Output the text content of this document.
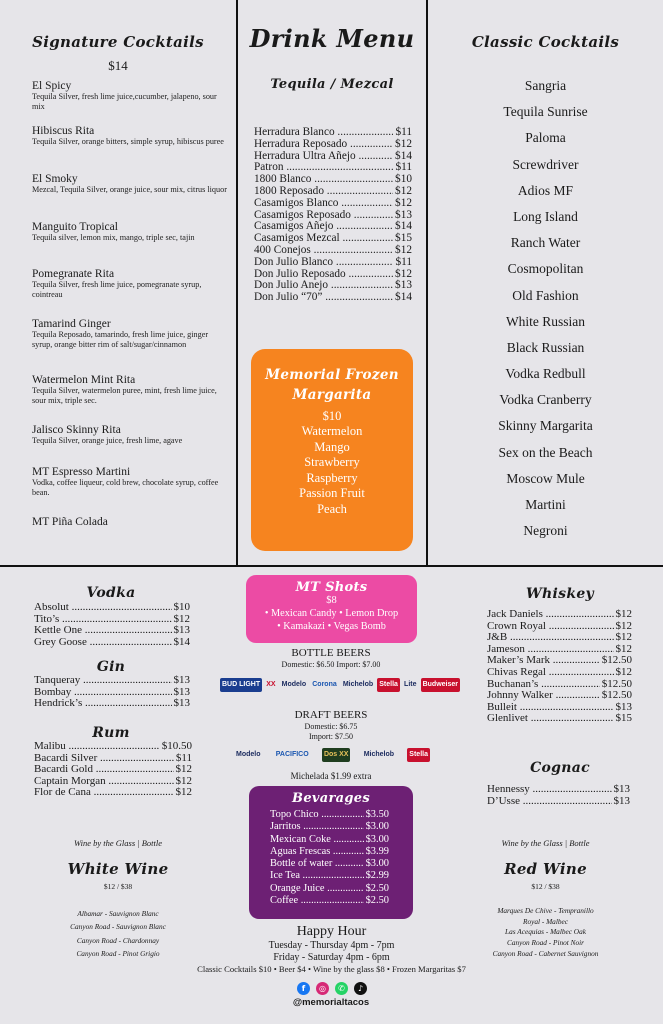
Signature Cocktails
$14
El Spicy
Tequila Silver, fresh lime juice,cucumber, jalapeno, sour mix
Hibiscus Rita
Tequila Silver, orange bitters, simple syrup, hibiscus puree
El Smoky
Mezcal, Tequila Silver, orange juice, sour mix, citrus liquor
Manguito Tropical
Tequila silver, lemon mix, mango, triple sec, tajin
Pomegranate Rita
Tequila Silver, fresh lime juice, pomegranate syrup, cointreau
Tamarind Ginger
Tequila Reposado, tamarindo, fresh lime juice, ginger syrup, orange bitter rim of salt/sugar/cinnamon
Watermelon Mint Rita
Tequila Silver, watermelon puree, mint, fresh lime juice, sour mix, triple sec.
Jalisco Skinny Rita
Tequila Silver, orange juice, fresh lime, agave
MT Espresso Martini
Vodka, coffee liqueur, cold brew, chocolate syrup, coffee bean.
MT Piña Colada
Drink Menu
Tequila / Mezcal
Herradura Blanco .....	$11
Herradura Reposado .....	$12
Herradura Ultra Añejo .....	$14
Patron .....	$11
1800 Blanco .....	$10
1800 Reposado .....	$12
Casamigos Blanco .....	$12
Casamigos Reposado .....	$13
Casamigos Añejo .....	$14
Casamigos Mezcal .....	$15
400 Conejos .....	$12
Don Julio Blanco .....	$11
Don Julio Reposado .....	$12
Don Julio Anejo .....	$13
Don Julio “70” .....	$14
Memorial Frozen
Margarita
$10
Watermelon
Mango
Strawberry
Raspberry
Passion Fruit
Peach
Classic Cocktails
Sangria
Tequila Sunrise
Paloma
Screwdriver
Adios MF
Long Island
Ranch Water
Cosmopolitan
Old Fashion
White Russian
Black Russian
Vodka Redbull
Vodka Cranberry
Skinny Margarita
Sex on the Beach
Moscow Mule
Martini
Negroni
Vodka
Absolut .....	$10
Tito’s .....	$12
Kettle One .....	$13
Grey Goose .....	$14
Gin
Tanqueray .....	$13
Bombay .....	$13
Hendrick’s .....	$13
Rum
Malibu .....	$10.50
Bacardi Silver .....	$11
Bacardi Gold .....	$12
Captain Morgan .....	$12
Flor de Cana .....	$12
Wine by the Glass | Bottle
White Wine
$12 / $38
Albamar - Sauvignon Blanc
Canyon Road - Sauvignon Blanc
Canyon Road - Chardonnay
Canyon Road - Pinot Grigio
MT Shots
$8
• Mexican Candy • Lemon Drop
• Kamakazi • Vegas Bomb
BOTTLE BEERS
Domestic: $6.50 Import: $7.00
BUD LIGHT XX Modelo Corona Michelob Stella Lite Budweiser
DRAFT BEERS
Domestic: $6.75
Import: $7.50
Modelo PACIFICO Dos XX Michelob Stella
Michelada $1.99 extra
Bevarages
Topo Chico .....	$3.50
Jarritos .....	$3.00
Mexican Coke .....	$3.00
Aguas Frescas .....	$3.99
Bottle of water .....	$3.00
Ice Tea .....	$2.99
Orange Juice .....	$2.50
Coffee .....	$2.50
Happy Hour
Tuesday - Thursday 4pm - 7pm
Friday - Saturday 4pm - 6pm
Classic Cocktails $10 • Beer $4 • Wine by the glass $8 • Frozen Margaritas $7
f	◎	✆	♪
@memorialtacos
Whiskey
Jack Daniels .....	$12
Crown Royal .....	$12
J&B .....	$12
Jameson .....	$12
Maker’s Mark .....	$12.50
Chivas Regal .....	$12
Buchanan’s .....	$12.50
Johnny Walker .....	$12.50
Bulleit .....	$13
Glenlivet .....	$15
Cognac
Hennessy .....	$13
D’Usse .....	$13
Wine by the Glass | Bottle
Red Wine
$12 / $38
Marques De Chive - Tempranillo
Royal - Malbec
Las Acequias - Malbec Oak
Canyon Road - Pinot Noir
Canyon Road - Cabernet Sauvignon
